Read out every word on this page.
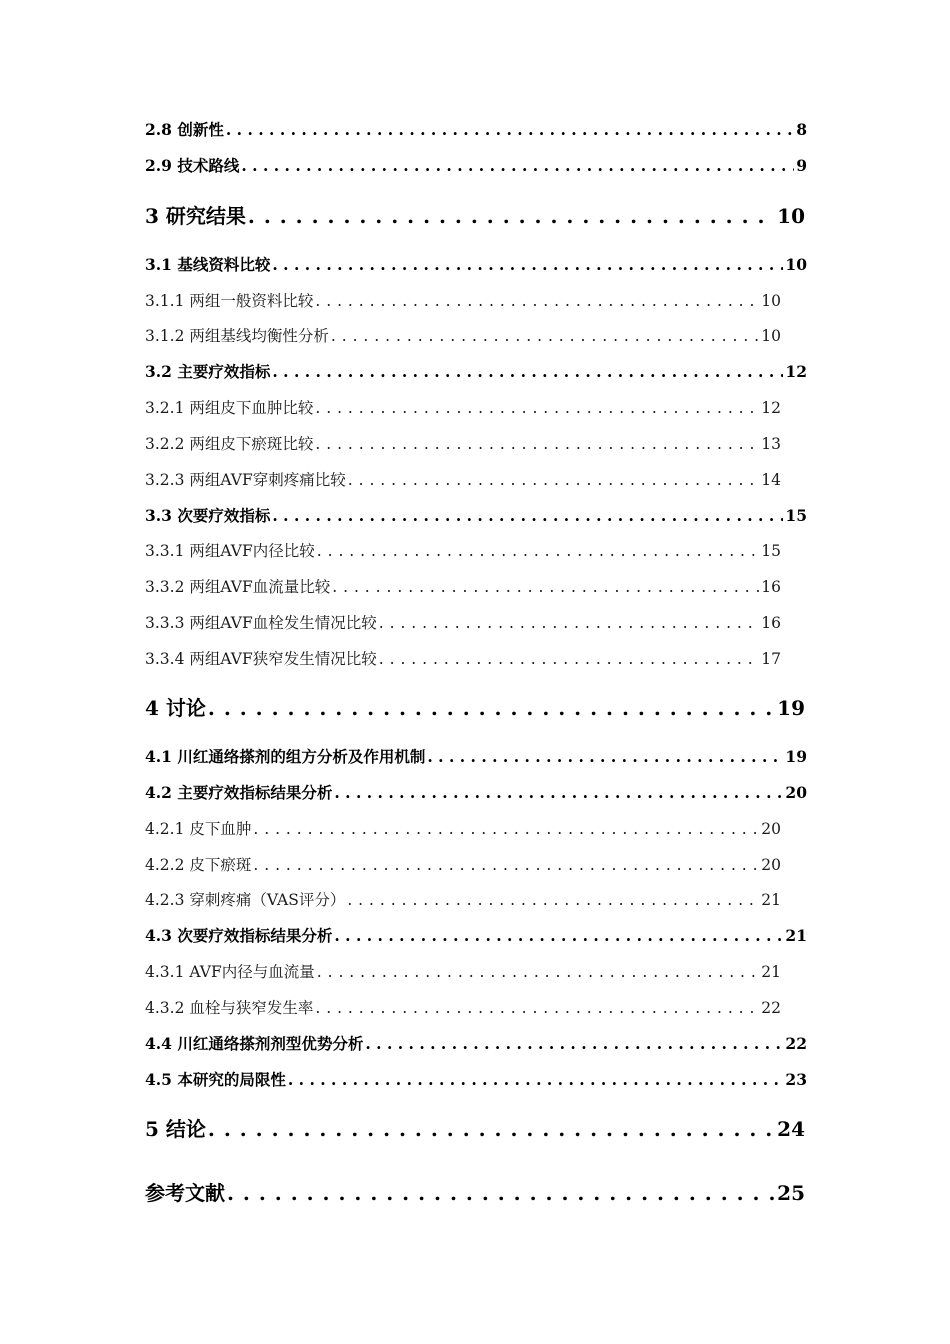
2.8 创新性 . . .	8
2.9 技术路线 . . .	9
3 研究结果 . . .	10
3.1 基线资料比较 . . .	10
3.1.1 两组一般资料比较 . . .	10
3.1.2 两组基线均衡性分析 . . .	10
3.2 主要疗效指标 . . .	12
3.2.1 两组皮下血肿比较 . . .	12
3.2.2 两组皮下瘀斑比较 . . .	13
3.2.3 两组AVF穿刺疼痛比较 . . .	14
3.3 次要疗效指标 . . .	15
3.3.1 两组AVF内径比较 . . .	15
3.3.2 两组AVF血流量比较 . . .	16
3.3.3 两组AVF血栓发生情况比较 . . .	16
3.3.4 两组AVF狭窄发生情况比较 . . .	17
4 讨论 . . .	19
4.1 川红通络搽剂的组方分析及作用机制 . . .	19
4.2 主要疗效指标结果分析 . . .	20
4.2.1 皮下血肿 . . .	20
4.2.2 皮下瘀斑 . . .	20
4.2.3 穿刺疼痛（VAS评分） . . .	21
4.3 次要疗效指标结果分析 . . .	21
4.3.1 AVF内径与血流量 . . .	21
4.3.2 血栓与狭窄发生率 . . .	22
4.4 川红通络搽剂剂型优势分析 . . .	22
4.5 本研究的局限性 . . .	23
5 结论 . . .	24
参考文献 . . .	25
